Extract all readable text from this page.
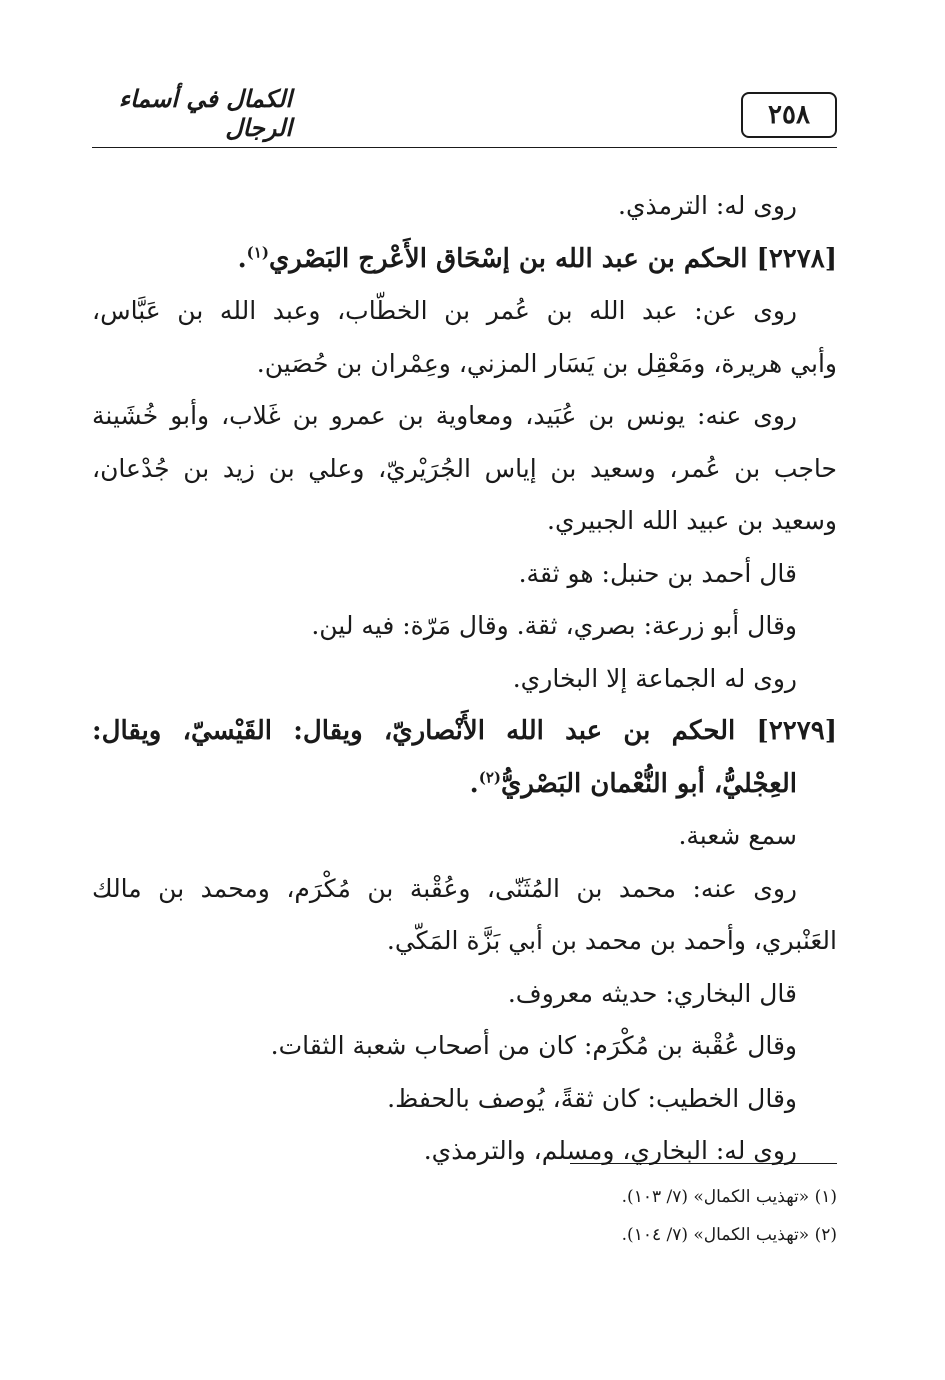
٢٥٨
الكمال في أسماء الرجال
روى له: الترمذي.
[٢٢٧٨] الحكم بن عبد الله بن إسْحَاق الأَعْرج البَصْري$^{(١)}$.
روى عن: عبد الله بن عُمر بن الخطّاب، وعبد الله بن عَبَّاس،
وأبي هريرة، ومَعْقِل بن يَسَار المزني، وعِمْران بن حُصَين.
روى عنه: يونس بن عُبَيد، ومعاوية بن عمرو بن غَلاب، وأبو خُشَينة
حاجب بن عُمر، وسعيد بن إياس الجُرَيْريّ، وعلي بن زيد بن جُدْعان،
وسعيد بن عبيد الله الجبيري.
قال أحمد بن حنبل: هو ثقة.
وقال أبو زرعة: بصري، ثقة. وقال مَرّة: فيه لين.
روى له الجماعة إلا البخاري.
[٢٢٧٩] الحكم بن عبد الله الأَنْصاريّ، ويقال: القَيْسيّ، ويقال:
العِجْليُّ، أبو النُّعْمان البَصْريُّ$^{(٢)}$.
سمع شعبة.
روى عنه: محمد بن المُثَنّى، وعُقْبة بن مُكْرَم، ومحمد بن مالك
العَنْبري، وأحمد بن محمد بن أبي بَزَّة المَكّي.
قال البخاري: حديثه معروف.
وقال عُقْبة بن مُكْرَم: كان من أصحاب شعبة الثقات.
وقال الخطيب: كان ثقةً، يُوصف بالحفظ.
روى له: البخاري، ومسلم، والترمذي.
(١) «تهذيب الكمال» (٧/ ١٠٣).
(٢) «تهذيب الكمال» (٧/ ١٠٤).
